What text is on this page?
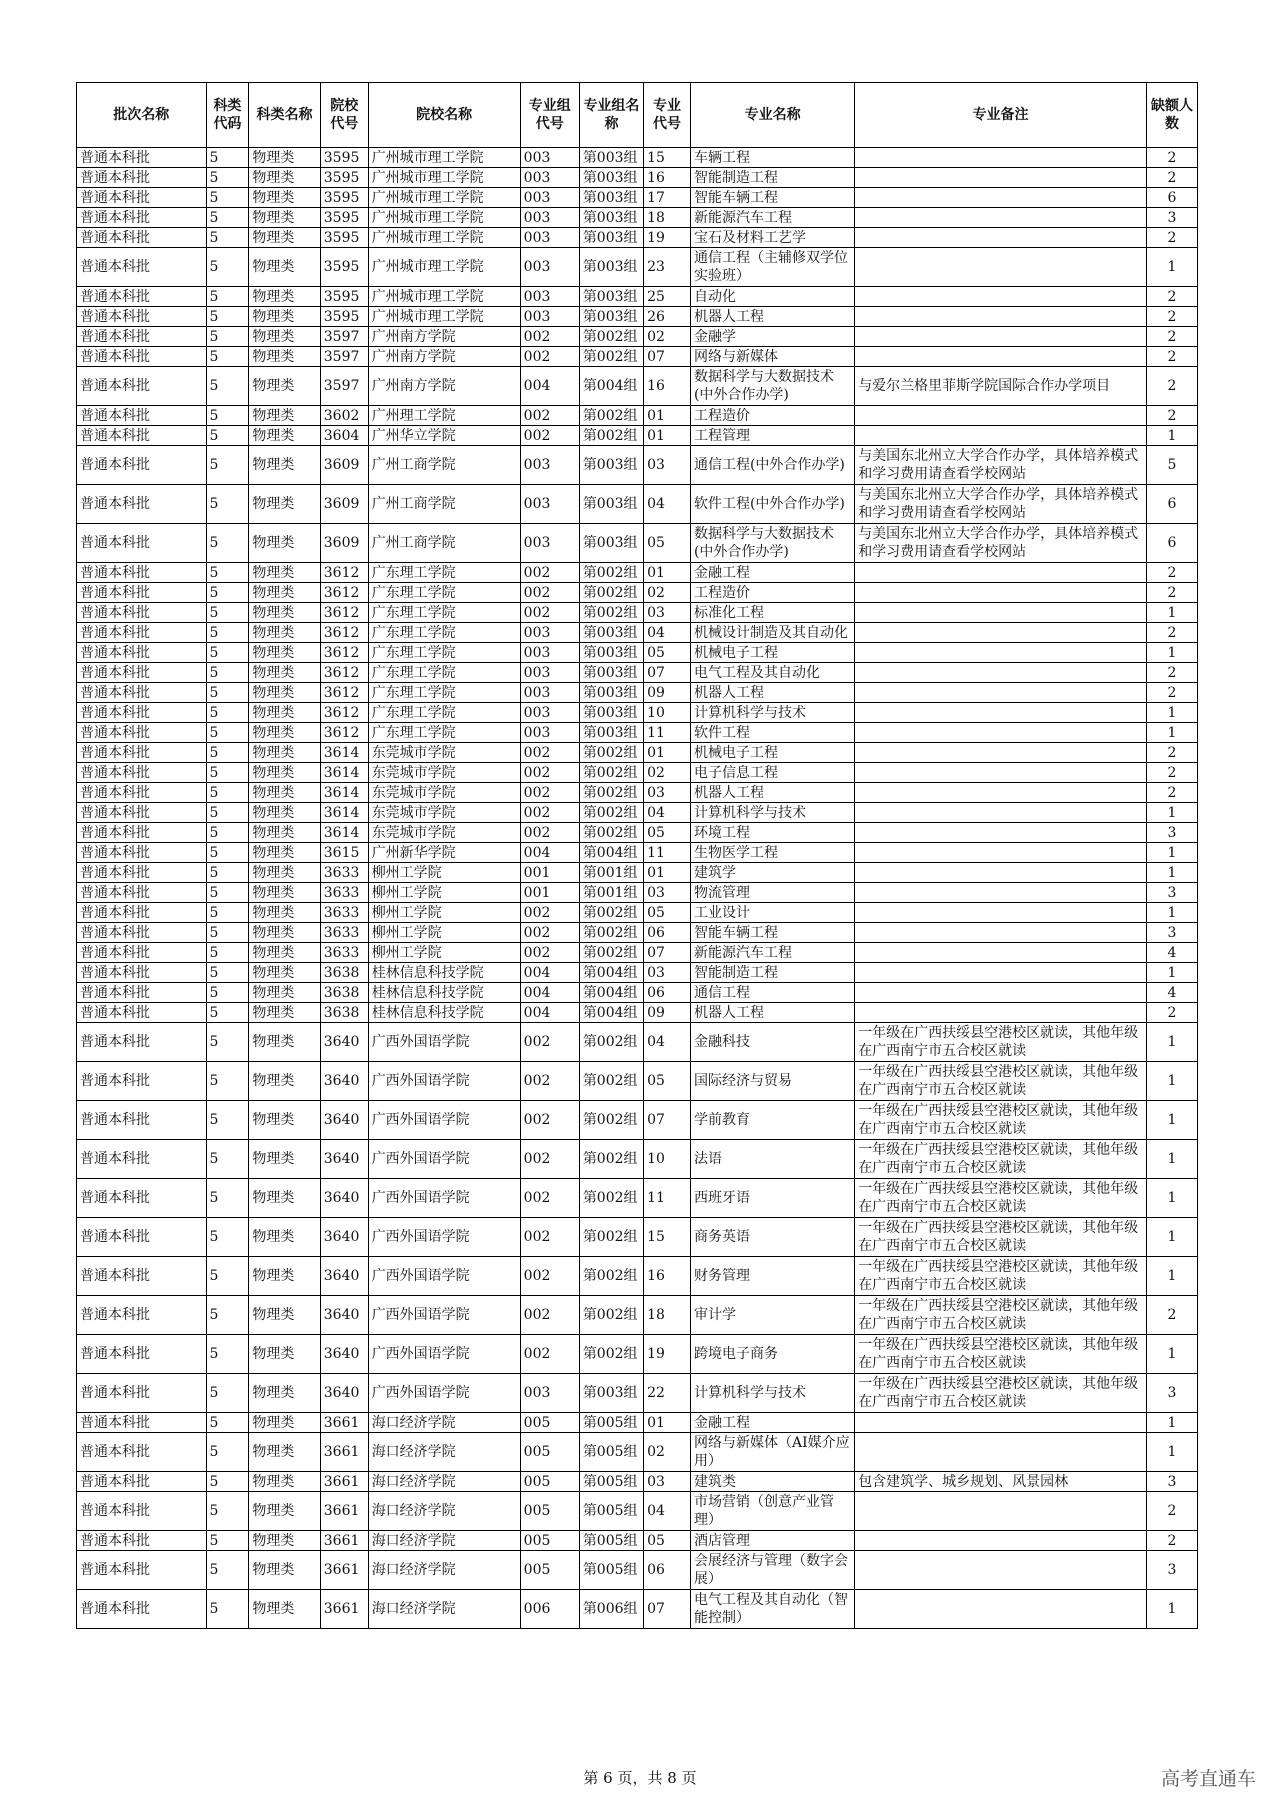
批次名称	科类代码	科类名称	院校代号	院校名称	专业组代号	专业组名称	专业代号	专业名称	专业备注	缺额人数
普通本科批	5	物理类	3595	广州城市理工学院	003	第003组	15	车辆工程		2
普通本科批	5	物理类	3595	广州城市理工学院	003	第003组	16	智能制造工程		2
普通本科批	5	物理类	3595	广州城市理工学院	003	第003组	17	智能车辆工程		6
普通本科批	5	物理类	3595	广州城市理工学院	003	第003组	18	新能源汽车工程		3
普通本科批	5	物理类	3595	广州城市理工学院	003	第003组	19	宝石及材料工艺学		2
普通本科批	5	物理类	3595	广州城市理工学院	003	第003组	23	通信工程（主辅修双学位实验班）		1
普通本科批	5	物理类	3595	广州城市理工学院	003	第003组	25	自动化		2
普通本科批	5	物理类	3595	广州城市理工学院	003	第003组	26	机器人工程		2
普通本科批	5	物理类	3597	广州南方学院	002	第002组	02	金融学		2
普通本科批	5	物理类	3597	广州南方学院	002	第002组	07	网络与新媒体		2
普通本科批	5	物理类	3597	广州南方学院	004	第004组	16	数据科学与大数据技术(中外合作办学)	与爱尔兰格里菲斯学院国际合作办学项目	2
普通本科批	5	物理类	3602	广州理工学院	002	第002组	01	工程造价		2
普通本科批	5	物理类	3604	广州华立学院	002	第002组	01	工程管理		1
普通本科批	5	物理类	3609	广州工商学院	003	第003组	03	通信工程(中外合作办学)	与美国东北州立大学合作办学，具体培养模式和学习费用请查看学校网站	5
普通本科批	5	物理类	3609	广州工商学院	003	第003组	04	软件工程(中外合作办学)	与美国东北州立大学合作办学，具体培养模式和学习费用请查看学校网站	6
普通本科批	5	物理类	3609	广州工商学院	003	第003组	05	数据科学与大数据技术(中外合作办学)	与美国东北州立大学合作办学，具体培养模式和学习费用请查看学校网站	6
普通本科批	5	物理类	3612	广东理工学院	002	第002组	01	金融工程		2
普通本科批	5	物理类	3612	广东理工学院	002	第002组	02	工程造价		2
普通本科批	5	物理类	3612	广东理工学院	002	第002组	03	标准化工程		1
普通本科批	5	物理类	3612	广东理工学院	003	第003组	04	机械设计制造及其自动化		2
普通本科批	5	物理类	3612	广东理工学院	003	第003组	05	机械电子工程		1
普通本科批	5	物理类	3612	广东理工学院	003	第003组	07	电气工程及其自动化		2
普通本科批	5	物理类	3612	广东理工学院	003	第003组	09	机器人工程		2
普通本科批	5	物理类	3612	广东理工学院	003	第003组	10	计算机科学与技术		1
普通本科批	5	物理类	3612	广东理工学院	003	第003组	11	软件工程		1
普通本科批	5	物理类	3614	东莞城市学院	002	第002组	01	机械电子工程		2
普通本科批	5	物理类	3614	东莞城市学院	002	第002组	02	电子信息工程		2
普通本科批	5	物理类	3614	东莞城市学院	002	第002组	03	机器人工程		2
普通本科批	5	物理类	3614	东莞城市学院	002	第002组	04	计算机科学与技术		1
普通本科批	5	物理类	3614	东莞城市学院	002	第002组	05	环境工程		3
普通本科批	5	物理类	3615	广州新华学院	004	第004组	11	生物医学工程		1
普通本科批	5	物理类	3633	柳州工学院	001	第001组	01	建筑学		1
普通本科批	5	物理类	3633	柳州工学院	001	第001组	03	物流管理		3
普通本科批	5	物理类	3633	柳州工学院	002	第002组	05	工业设计		1
普通本科批	5	物理类	3633	柳州工学院	002	第002组	06	智能车辆工程		3
普通本科批	5	物理类	3633	柳州工学院	002	第002组	07	新能源汽车工程		4
普通本科批	5	物理类	3638	桂林信息科技学院	004	第004组	03	智能制造工程		1
普通本科批	5	物理类	3638	桂林信息科技学院	004	第004组	06	通信工程		4
普通本科批	5	物理类	3638	桂林信息科技学院	004	第004组	09	机器人工程		2
普通本科批	5	物理类	3640	广西外国语学院	002	第002组	04	金融科技	一年级在广西扶绥县空港校区就读，其他年级在广西南宁市五合校区就读	1
普通本科批	5	物理类	3640	广西外国语学院	002	第002组	05	国际经济与贸易	一年级在广西扶绥县空港校区就读，其他年级在广西南宁市五合校区就读	1
普通本科批	5	物理类	3640	广西外国语学院	002	第002组	07	学前教育	一年级在广西扶绥县空港校区就读，其他年级在广西南宁市五合校区就读	1
普通本科批	5	物理类	3640	广西外国语学院	002	第002组	10	法语	一年级在广西扶绥县空港校区就读，其他年级在广西南宁市五合校区就读	1
普通本科批	5	物理类	3640	广西外国语学院	002	第002组	11	西班牙语	一年级在广西扶绥县空港校区就读，其他年级在广西南宁市五合校区就读	1
普通本科批	5	物理类	3640	广西外国语学院	002	第002组	15	商务英语	一年级在广西扶绥县空港校区就读，其他年级在广西南宁市五合校区就读	1
普通本科批	5	物理类	3640	广西外国语学院	002	第002组	16	财务管理	一年级在广西扶绥县空港校区就读，其他年级在广西南宁市五合校区就读	1
普通本科批	5	物理类	3640	广西外国语学院	002	第002组	18	审计学	一年级在广西扶绥县空港校区就读，其他年级在广西南宁市五合校区就读	2
普通本科批	5	物理类	3640	广西外国语学院	002	第002组	19	跨境电子商务	一年级在广西扶绥县空港校区就读，其他年级在广西南宁市五合校区就读	1
普通本科批	5	物理类	3640	广西外国语学院	003	第003组	22	计算机科学与技术	一年级在广西扶绥县空港校区就读，其他年级在广西南宁市五合校区就读	3
普通本科批	5	物理类	3661	海口经济学院	005	第005组	01	金融工程		1
普通本科批	5	物理类	3661	海口经济学院	005	第005组	02	网络与新媒体（AI媒介应用）		1
普通本科批	5	物理类	3661	海口经济学院	005	第005组	03	建筑类	包含建筑学、城乡规划、风景园林	3
普通本科批	5	物理类	3661	海口经济学院	005	第005组	04	市场营销（创意产业管理）		2
普通本科批	5	物理类	3661	海口经济学院	005	第005组	05	酒店管理		2
普通本科批	5	物理类	3661	海口经济学院	005	第005组	06	会展经济与管理（数字会展）		3
普通本科批	5	物理类	3661	海口经济学院	006	第006组	07	电气工程及其自动化（智能控制）		1
第 6 页，共 8 页	高考直通车
